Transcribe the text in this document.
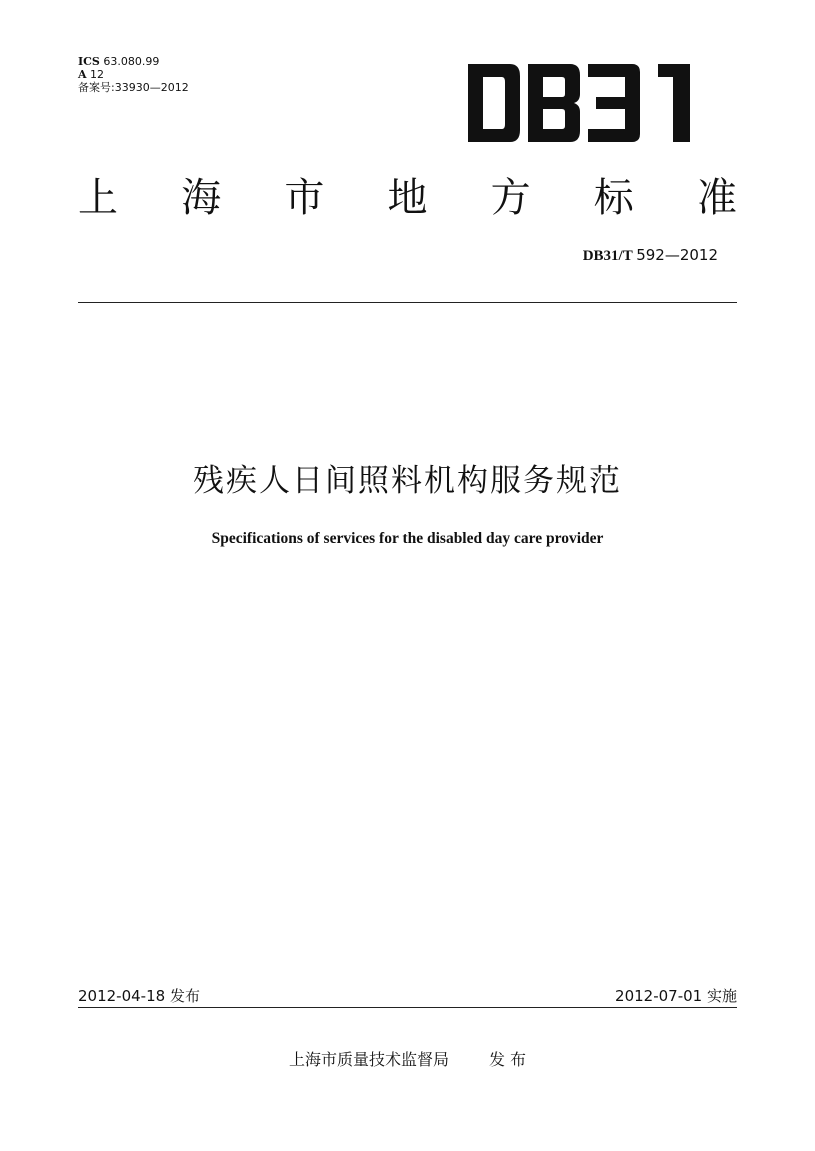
ICS 63.080.99
A 12
备案号:33930—2012
上 海 市 地 方 标 准
DB31/T 592—2012
残疾人日间照料机构服务规范
Specifications of services for the disabled day care provider
2012-04-18 发布	2012-07-01 实施
上海市质量技术监督局	发 布
